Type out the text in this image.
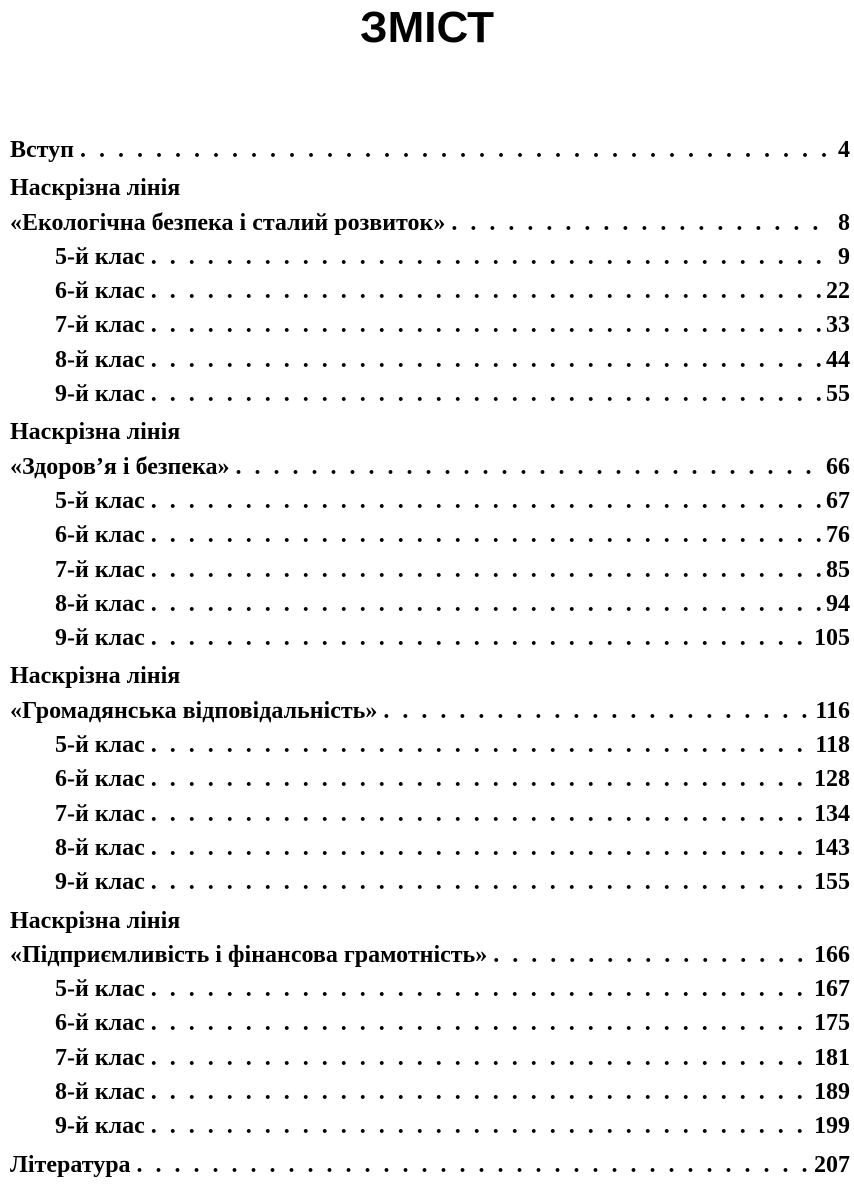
ЗМІСТ
Вступ . . .	4
Наскрізна лінія
«Екологічна безпека і сталий розвиток» . . .	8
5-й клас . . .	9
6-й клас . . .	22
7-й клас . . .	33
8-й клас . . .	44
9-й клас . . .	55
Наскрізна лінія
«Здоров’я і безпека» . . .	66
5-й клас . . .	67
6-й клас . . .	76
7-й клас . . .	85
8-й клас . . .	94
9-й клас . . .	105
Наскрізна лінія
«Громадянська відповідальність» . . .	116
5-й клас . . .	118
6-й клас . . .	128
7-й клас . . .	134
8-й клас . . .	143
9-й клас . . .	155
Наскрізна лінія
«Підприємливість і фінансова грамотність» . . .	166
5-й клас . . .	167
6-й клас . . .	175
7-й клас . . .	181
8-й клас . . .	189
9-й клас . . .	199
Література . . .	207
